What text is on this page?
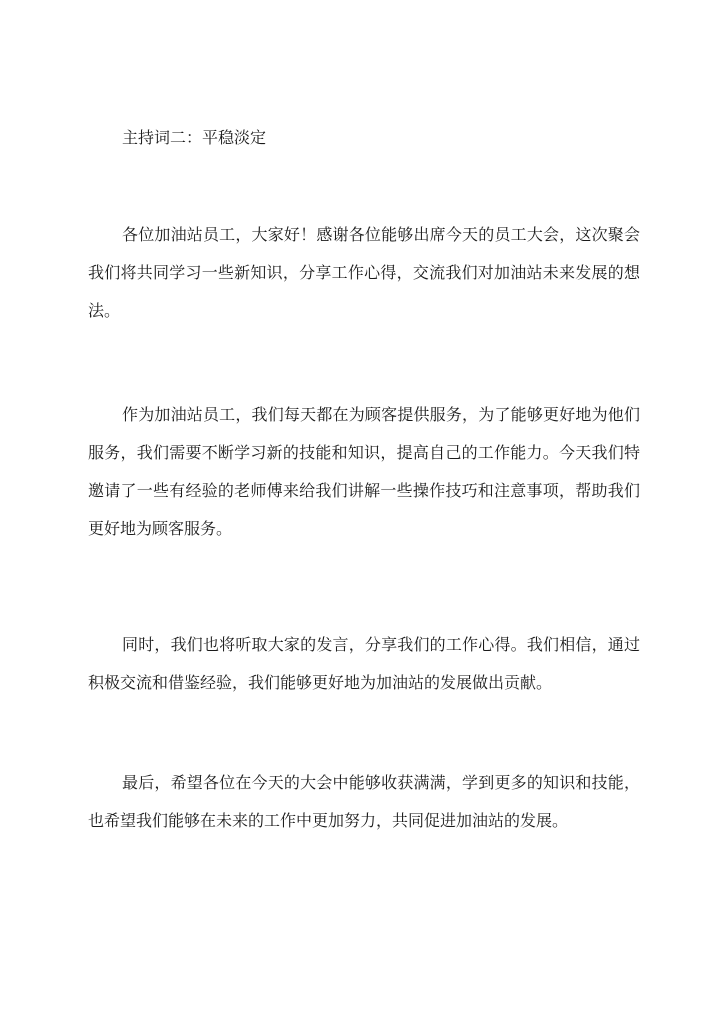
主持词二：平稳淡定

各位加油站员工，大家好！感谢各位能够出席今天的员工大会，这次聚会我们将共同学习一些新知识，分享工作心得，交流我们对加油站未来发展的想法。

作为加油站员工，我们每天都在为顾客提供服务，为了能够更好地为他们服务，我们需要不断学习新的技能和知识，提高自己的工作能力。今天我们特邀请了一些有经验的老师傅来给我们讲解一些操作技巧和注意事项，帮助我们更好地为顾客服务。

同时，我们也将听取大家的发言，分享我们的工作心得。我们相信，通过积极交流和借鉴经验，我们能够更好地为加油站的发展做出贡献。

最后，希望各位在今天的大会中能够收获满满，学到更多的知识和技能，也希望我们能够在未来的工作中更加努力，共同促进加油站的发展。
